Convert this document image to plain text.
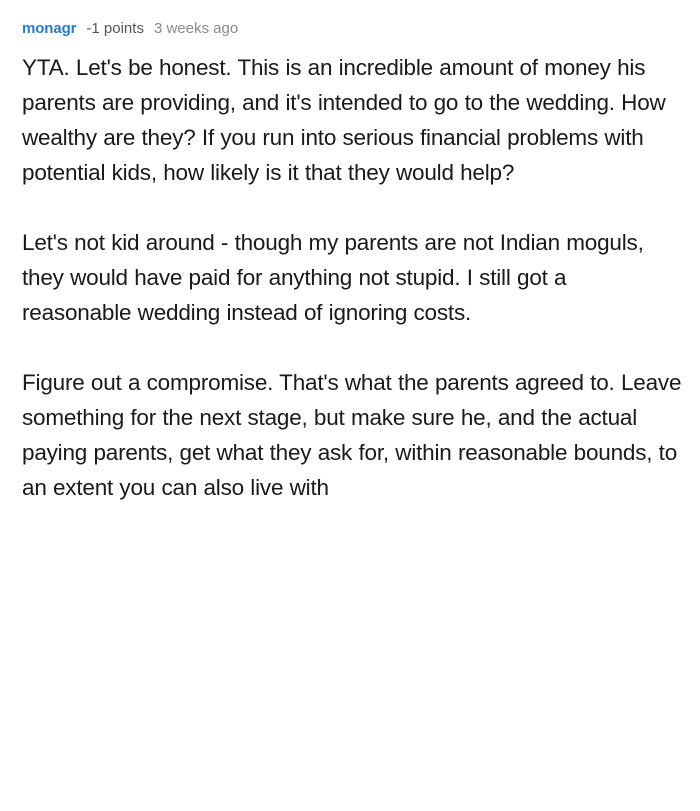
monagr -1 points 3 weeks ago

YTA. Let's be honest. This is an incredible amount of money his parents are providing, and it's intended to go to the wedding. How wealthy are they? If you run into serious financial problems with potential kids, how likely is it that they would help?

Let's not kid around - though my parents are not Indian moguls, they would have paid for anything not stupid. I still got a reasonable wedding instead of ignoring costs.

Figure out a compromise. That's what the parents agreed to. Leave something for the next stage, but make sure he, and the actual paying parents, get what they ask for, within reasonable bounds, to an extent you can also live with
